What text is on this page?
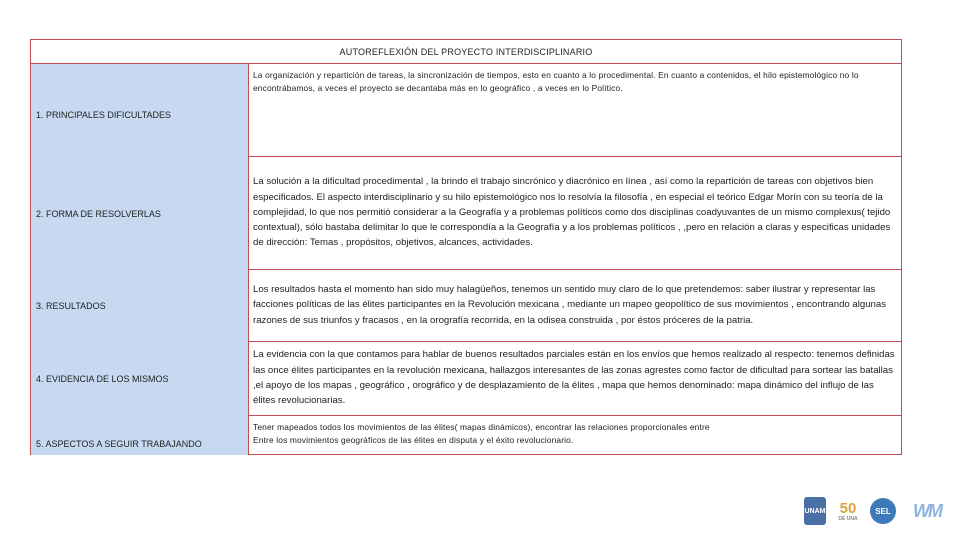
AUTOREFLEXIÓN DEL PROYECTO INTERDISCIPLINARIO
1. PRINCIPALES DIFICULTADES
La organización y repartición de tareas, la sincronización de tiempos, esto en cuanto a lo procedimental. En cuanto a contenidos, el hilo epistemológico no lo encontrábamos, a veces el proyecto se decantaba más en lo geográfico , a veces en lo Político.
2. FORMA DE RESOLVERLAS
La solución a la dificultad procedimental , la brindo el trabajo sincrónico y diacrónico en línea , así como la repartición de tareas con objetivos bien especificados. El aspecto interdisciplinario y su hilo epistemológico nos lo resolvía la filosofía , en especial el teórico Edgar Morín con su teoría de la complejidad, lo que nos permitió considerar a la Geografía y a problemas políticos como dos disciplinas coadyuvantes de un mismo complexus( tejido contextual), sólo bastaba delimitar lo que le correspondía a la Geografía y a los problemas políticos , ,pero en relación a claras y especificas unidades de dirección: Temas , propósitos, objetivos, alcances, actividades.
3. RESULTADOS
Los resultados hasta el momento han sido muy halagüeños, tenemos un sentido muy claro de lo que pretendemos: saber ilustrar y representar las facciones políticas de las élites participantes en la Revolución mexicana , mediante un mapeo geopolítico de sus movimientos , encontrando algunas razones de sus triunfos y fracasos , en la orografía recorrida, en la odisea construida , por éstos próceres de la patria.
4. EVIDENCIA DE LOS MISMOS
La evidencia con la que contamos para hablar de buenos resultados parciales están en los envíos que hemos realizado al respecto: tenemos definidas las once élites participantes en la revolución mexicana, hallazgos interesantes de las zonas agrestes como factor de dificultad para sortear las batallas ,el apoyo de los mapas , geográfico , orográfico y de desplazamiento de la élites , mapa que hemos denominado: mapa dinámico del influjo de las élites revolucionarias.
5. ASPECTOS A SEGUIR TRABAJANDO
Tener mapeados todos los movimientos de las élites( mapas dinámicos), encontrar las relaciones proporcionales entre
Entre los movimientos geográficos de las élites en disputa y el éxito revolucionario.
UNAM 50
DE UNA
SEL	WM
